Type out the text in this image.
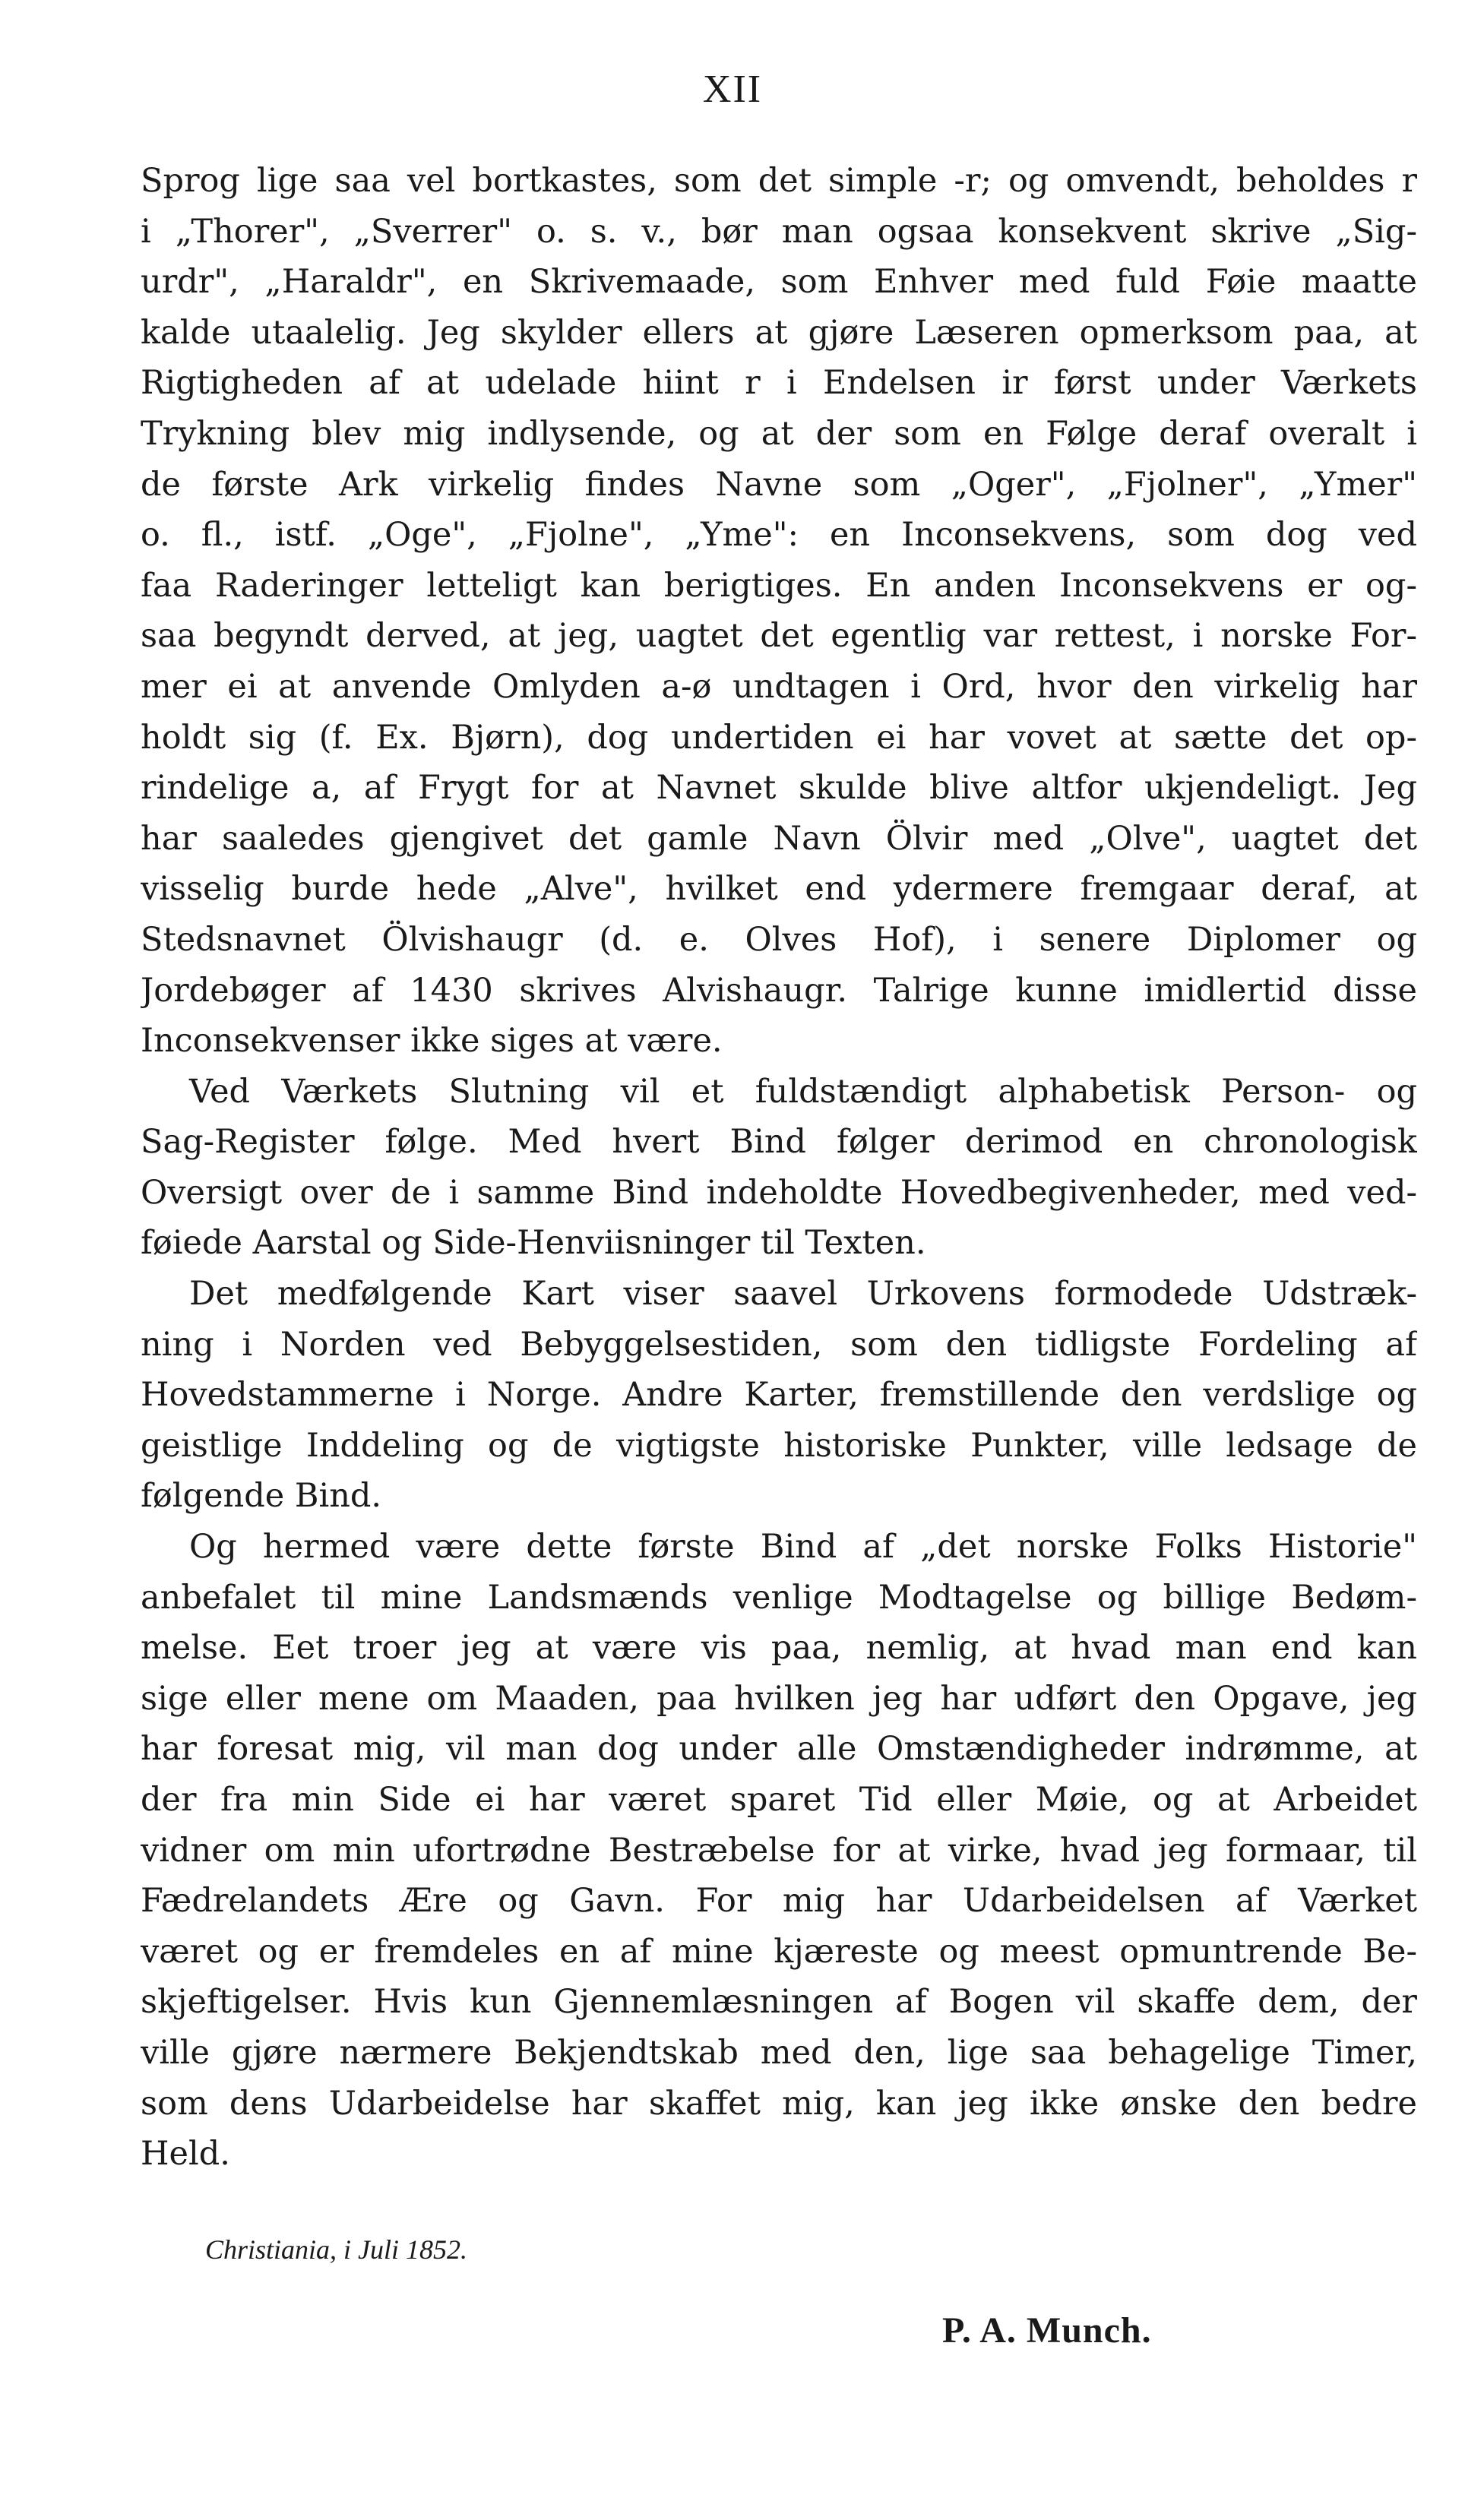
XII
Sprog lige saa vel bortkastes, som det simple -r; og omvendt, beholdes r
i „Thorer", „Sverrer" o. s. v., bør man ogsaa konsekvent skrive „Sig-
urdr", „Haraldr", en Skrivemaade, som Enhver med fuld Føie maatte
kalde utaalelig. Jeg skylder ellers at gjøre Læseren opmerksom paa, at
Rigtigheden af at udelade hiint r i Endelsen ir først under Værkets
Trykning blev mig indlysende, og at der som en Følge deraf overalt i
de første Ark virkelig findes Navne som „Oger", „Fjolner", „Ymer"
o. fl., istf. „Oge", „Fjolne", „Yme": en Inconsekvens, som dog ved
faa Raderinger letteligt kan berigtiges. En anden Inconsekvens er og-
saa begyndt derved, at jeg, uagtet det egentlig var rettest, i norske For-
mer ei at anvende Omlyden a-ø undtagen i Ord, hvor den virkelig har
holdt sig (f. Ex. Bjørn), dog undertiden ei har vovet at sætte det op-
rindelige a, af Frygt for at Navnet skulde blive altfor ukjendeligt. Jeg
har saaledes gjengivet det gamle Navn Ölvir med „Olve", uagtet det
visselig burde hede „Alve", hvilket end ydermere fremgaar deraf, at
Stedsnavnet Ölvishaugr (d. e. Olves Hof), i senere Diplomer og
Jordebøger af 1430 skrives Alvishaugr. Talrige kunne imidlertid disse
Inconsekvenser ikke siges at være.
Ved Værkets Slutning vil et fuldstændigt alphabetisk Person- og
Sag-Register følge. Med hvert Bind følger derimod en chronologisk
Oversigt over de i samme Bind indeholdte Hovedbegivenheder, med ved-
føiede Aarstal og Side-Henviisninger til Texten.
Det medfølgende Kart viser saavel Urkovens formodede Udstræk-
ning i Norden ved Bebyggelsestiden, som den tidligste Fordeling af
Hovedstammerne i Norge. Andre Karter, fremstillende den verdslige og
geistlige Inddeling og de vigtigste historiske Punkter, ville ledsage de
følgende Bind.
Og hermed være dette første Bind af „det norske Folks Historie"
anbefalet til mine Landsmænds venlige Modtagelse og billige Bedøm-
melse. Eet troer jeg at være vis paa, nemlig, at hvad man end kan
sige eller mene om Maaden, paa hvilken jeg har udført den Opgave, jeg
har foresat mig, vil man dog under alle Omstændigheder indrømme, at
der fra min Side ei har været sparet Tid eller Møie, og at Arbeidet
vidner om min ufortrødne Bestræbelse for at virke, hvad jeg formaar, til
Fædrelandets Ære og Gavn. For mig har Udarbeidelsen af Værket
været og er fremdeles en af mine kjæreste og meest opmuntrende Be-
skjeftigelser. Hvis kun Gjennemlæsningen af Bogen vil skaffe dem, der
ville gjøre nærmere Bekjendtskab med den, lige saa behagelige Timer,
som dens Udarbeidelse har skaffet mig, kan jeg ikke ønske den bedre
Held.
Christiania, i Juli 1852.
P. A. Munch.
